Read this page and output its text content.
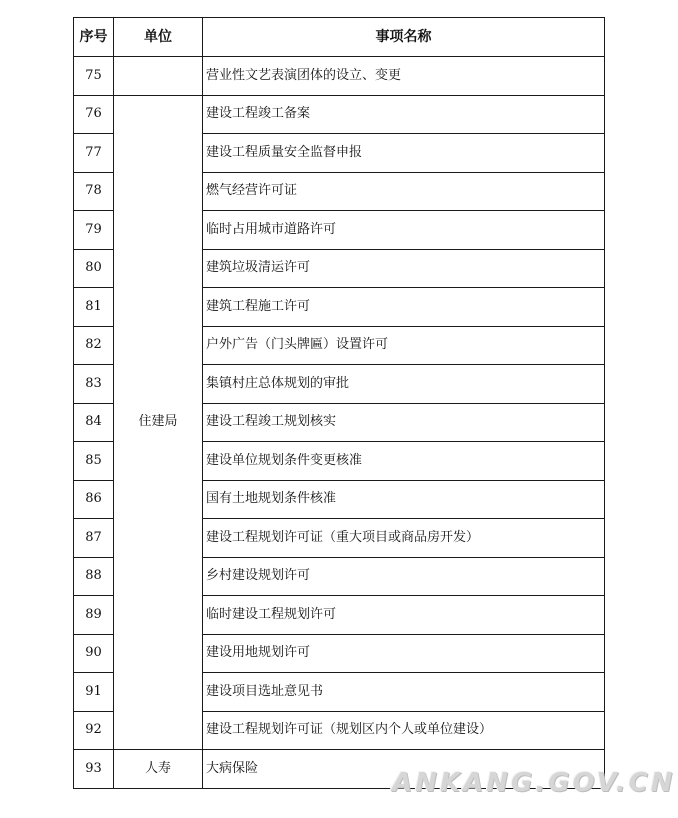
序号	单位	事项名称
75		营业性文艺表演团体的设立、变更
76	住建局	建设工程竣工备案
77		建设工程质量安全监督申报
78		燃气经营许可证
79		临时占用城市道路许可
80		建筑垃圾清运许可
81		建筑工程施工许可
82		户外广告（门头牌匾）设置许可
83		集镇村庄总体规划的审批
84		建设工程竣工规划核实
85		建设单位规划条件变更核准
86		国有土地规划条件核准
87		建设工程规划许可证（重大项目或商品房开发）
88		乡村建设规划许可
89		临时建设工程规划许可
90		建设用地规划许可
91		建设项目选址意见书
92		建设工程规划许可证（规划区内个人或单位建设）
93	人寿	大病保险	ANKANG.GOV.CN
